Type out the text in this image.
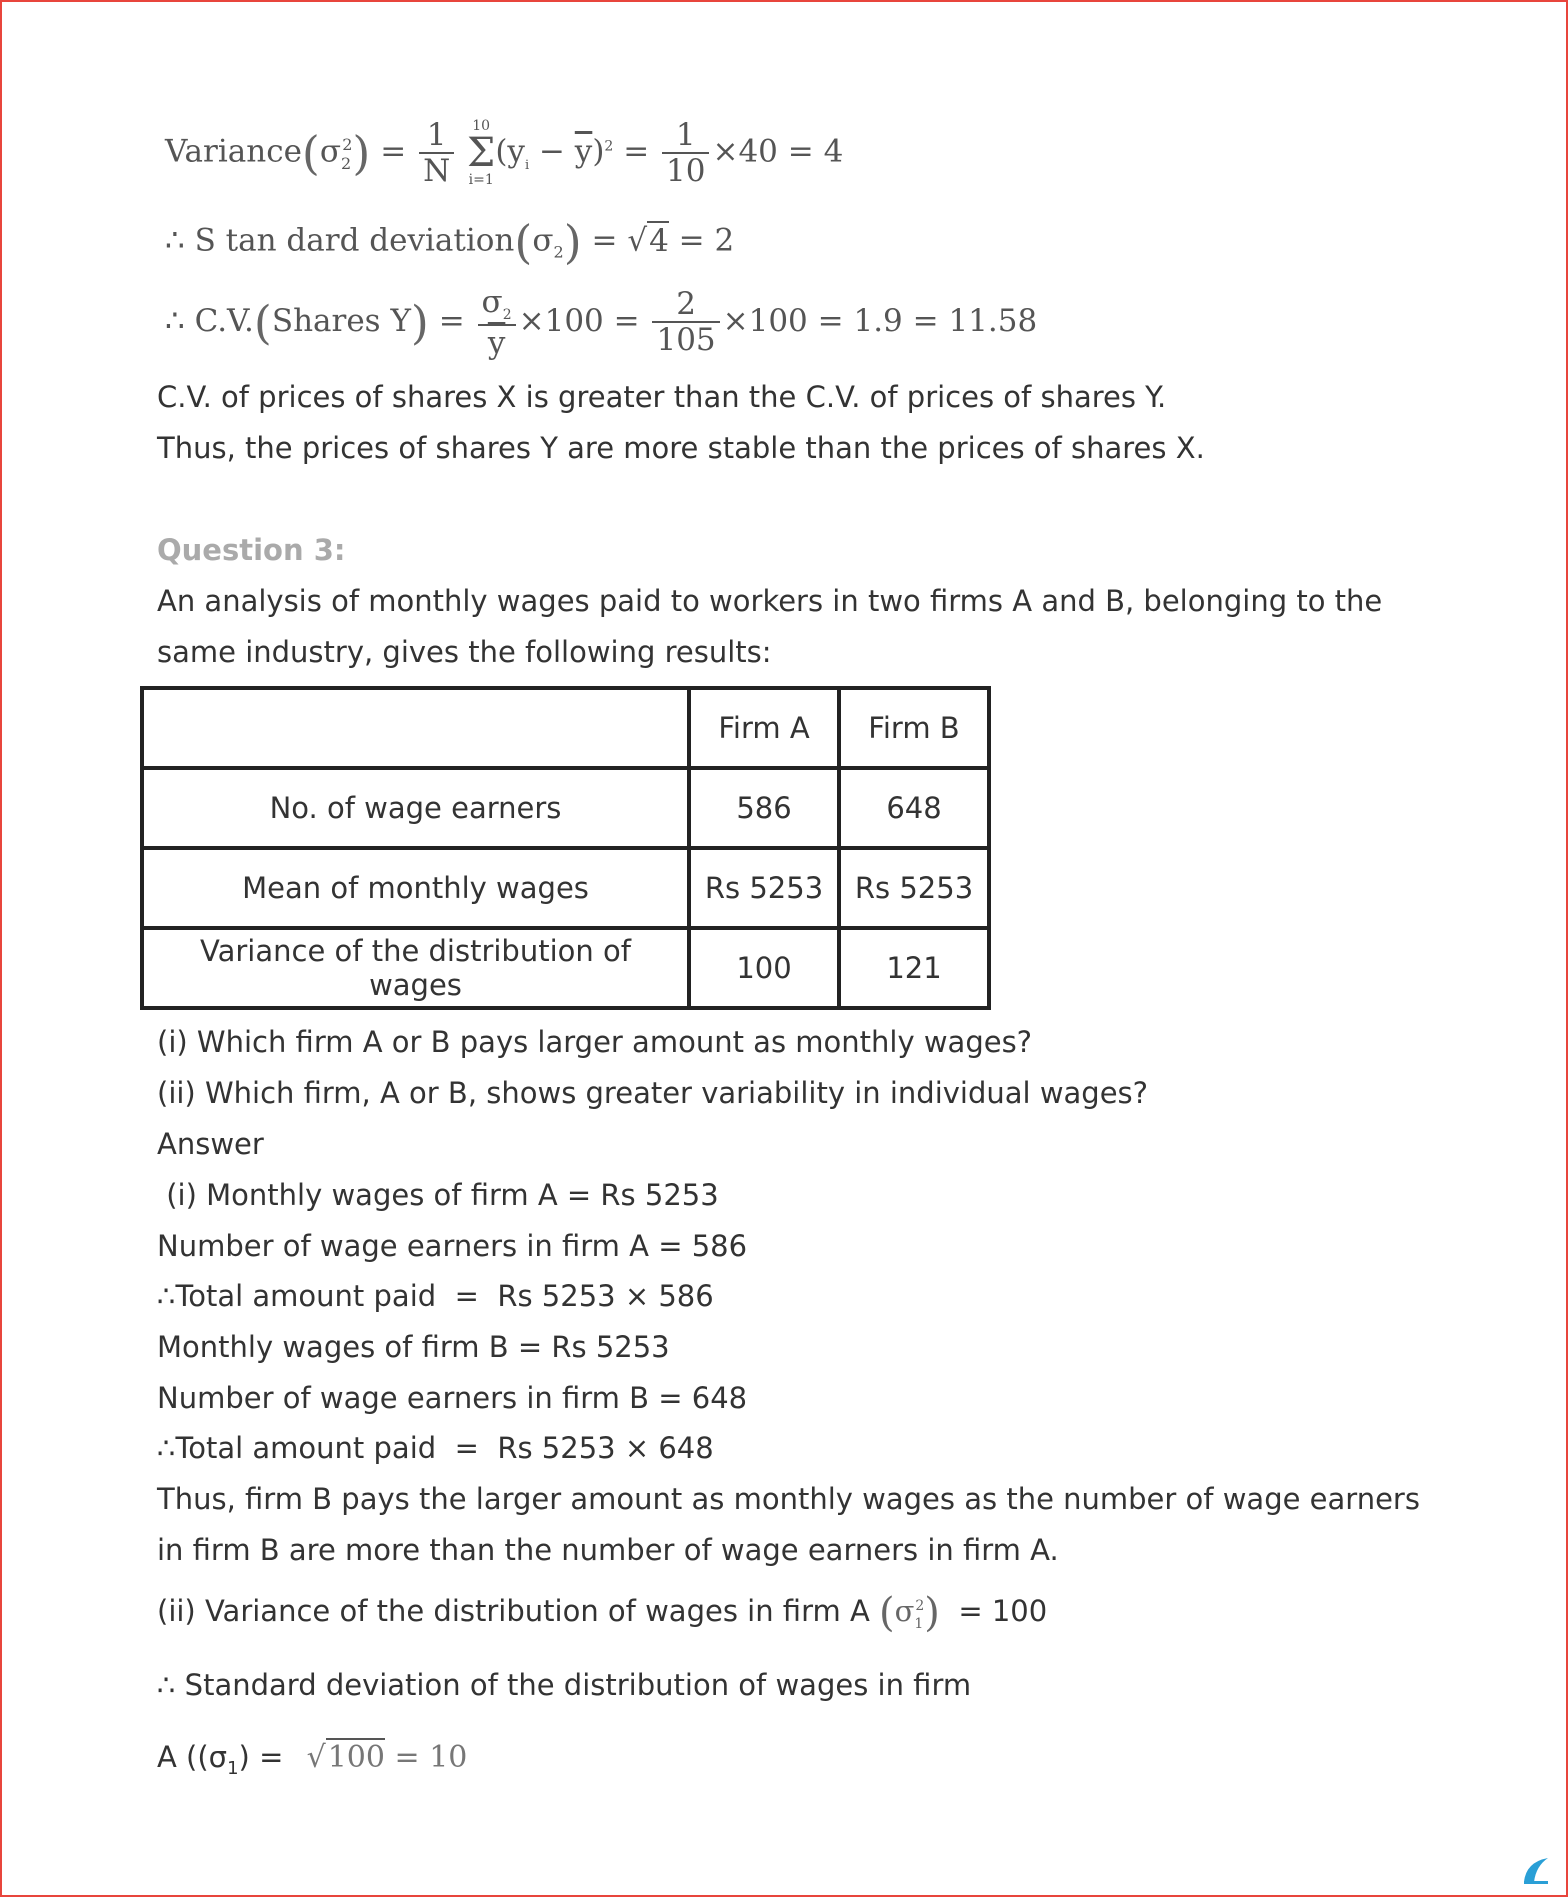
$Variance(\sigma_2^2) = \frac{1}{N} 10$
Σ
$i=1(y_i - \overline{y})^2 = \frac{1}{10} \times 40 = 4$
∴ S tan dard $deviation(\sigma_2) = √4 = 2$
∴ C.V.(Shares $Y) = \frac{\sigma_2}{y} \times 100 = \frac{2}{105} \times 100 = 1.9 = 11.58$
C.V. of prices of shares X is greater than the C.V. of prices of shares Y.
Thus, the prices of shares Y are more stable than the prices of shares X.
Question 3:
An analysis of monthly wages paid to workers in two firms A and B, belonging to the
same industry, gives the following results:
	Firm A	Firm B
No. of wage earners	586	648
Mean of monthly wages	Rs 5253	Rs 5253
Variance of the distribution of wages	100	121
(i) Which firm A or B pays larger amount as monthly wages?
(ii) Which firm, A or B, shows greater variability in individual wages?
Answer
(i) Monthly wages of firm A = Rs 5253
Number of wage earners in firm A = 586
∴Total amount paid  =  Rs 5253 × 586
Monthly wages of firm B = Rs 5253
Number of wage earners in firm B = 648
∴Total amount paid  =  Rs 5253 × 648
Thus, firm B pays the larger amount as monthly wages as the number of wage earners
in firm B are more than the number of wage earners in firm A.
(ii) Variance of the distribution of wages in firm A $(\sigma_1^2) = 100$
∴ Standard deviation of the distribution of wages in firm
A ($(\sigma_1) = √100 = 10$
